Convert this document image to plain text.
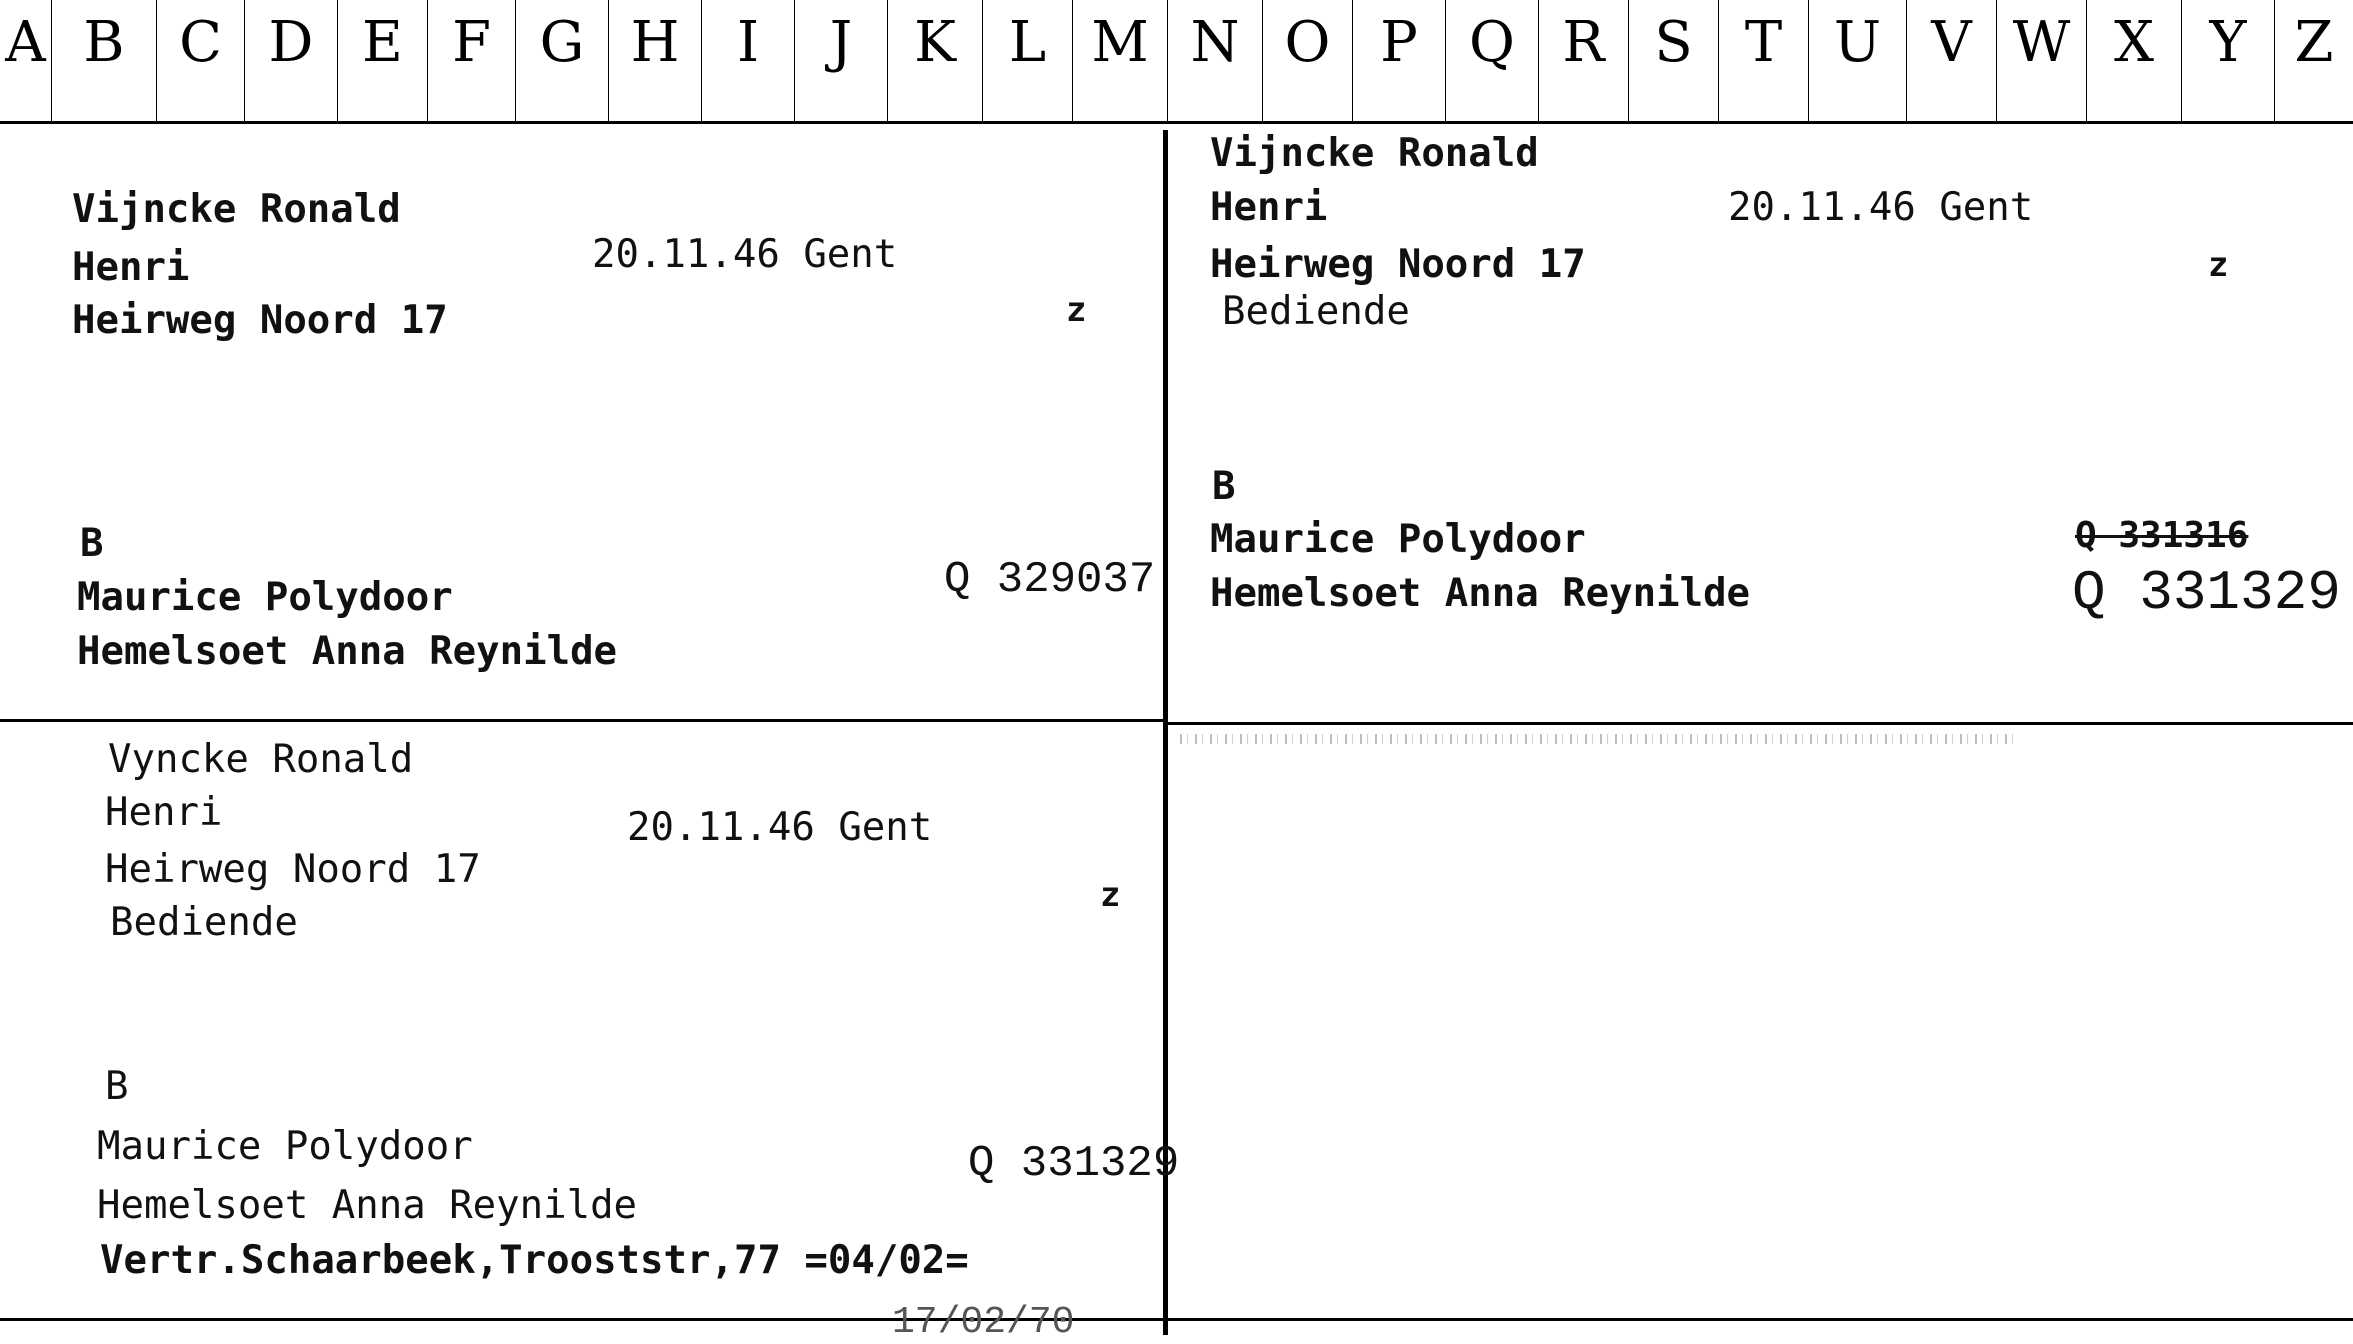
A B C D E F G H	I	J	K L M N O P Q R S T U V W X Y Z
Vijncke Ronald
Henri	20.11.46 Gent
Heirweg Noord 17	z
B
Maurice Polydoor
Hemelsoet Anna Reynilde
Q 329037
Vijncke Ronald
Henri	20.11.46 Gent
Heirweg Noord 17	z
Bediende
B
Maurice Polydoor
Hemelsoet Anna Reynilde
Q 331316
Q 331329
Vyncke Ronald
Henri	20.11.46 Gent
Heirweg Noord 17
z
Bediende
B
Maurice Polydoor
Hemelsoet Anna Reynilde
Q 331329
Vertr.Schaarbeek,Trooststr,77 =04/02=
17/02/70
